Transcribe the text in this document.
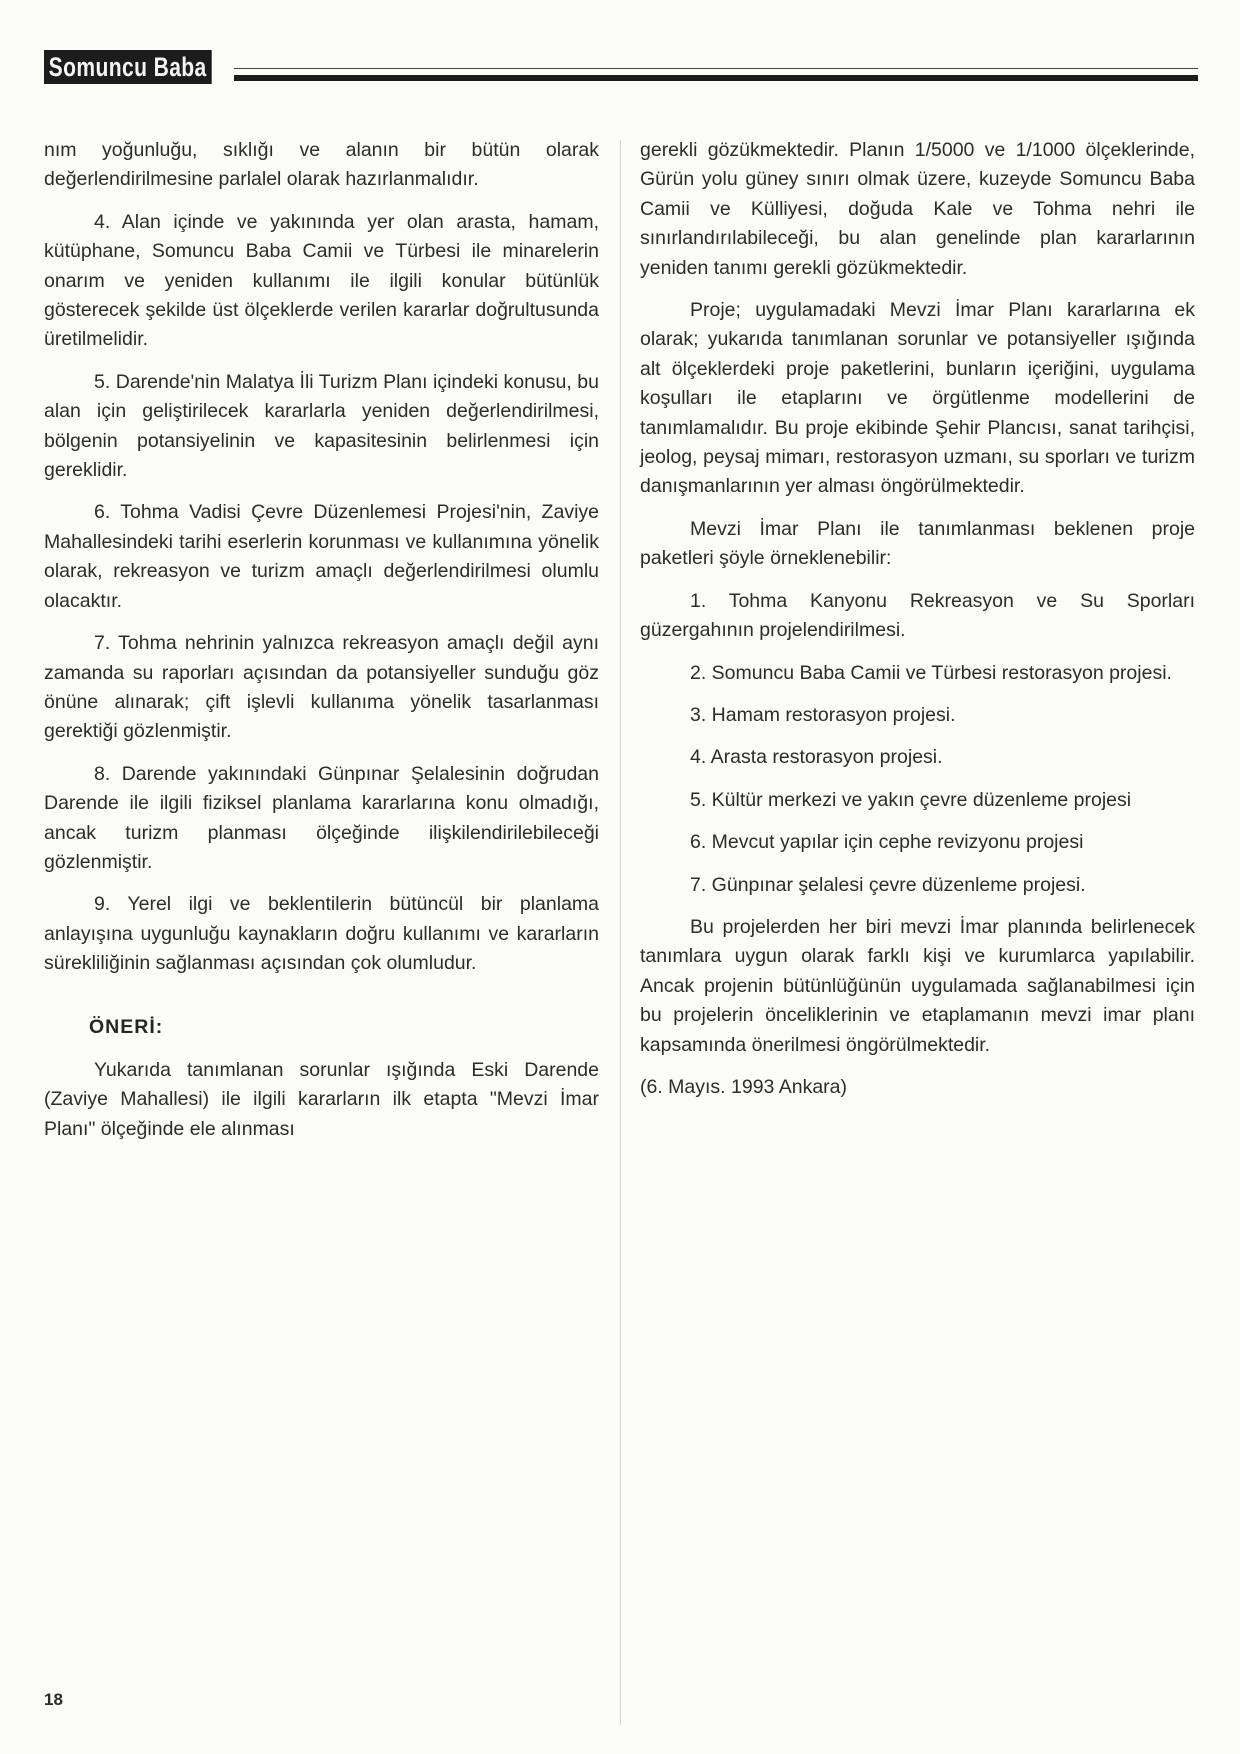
Somuncu Baba

nım yoğunluğu, sıklığı ve alanın bir bütün olarak değerlendirilmesine parlalel olarak hazırlanmalıdır.

4. Alan içinde ve yakınında yer olan arasta, hamam, kütüphane, Somuncu Baba Camii ve Türbesi ile minarelerin onarım ve yeniden kullanımı ile ilgili konular bütünlük gösterecek şekilde üst ölçeklerde verilen kararlar doğrultusunda üretilmelidir.

5. Darende'nin Malatya İli Turizm Planı içindeki konusu, bu alan için geliştirilecek kararlarla yeniden değerlendirilmesi, bölgenin potansiyelinin ve kapasitesinin belirlenmesi için gereklidir.

6. Tohma Vadisi Çevre Düzenlemesi Projesi'nin, Zaviye Mahallesindeki tarihi eserlerin korunması ve kullanımına yönelik olarak, rekreasyon ve turizm amaçlı değerlendirilmesi olumlu olacaktır.

7. Tohma nehrinin yalnızca rekreasyon amaçlı değil aynı zamanda su raporları açısından da potansiyeller sunduğu göz önüne alınarak; çift işlevli kullanıma yönelik tasarlanması gerektiği gözlenmiştir.

8. Darende yakınındaki Günpınar Şelalesinin doğrudan Darende ile ilgili fiziksel planlama kararlarına konu olmadığı, ancak turizm planması ölçeğinde ilişkilendirilebileceği gözlenmiştir.

9. Yerel ilgi ve beklentilerin bütüncül bir planlama anlayışına uygunluğu kaynakların doğru kullanımı ve kararların sürekliliğinin sağlanması açısından çok olumludur.

ÖNERİ:

Yukarıda tanımlanan sorunlar ışığında Eski Darende (Zaviye Mahallesi) ile ilgili kararların ilk etapta "Mevzi İmar Planı" ölçeğinde ele alınması

gerekli gözükmektedir. Planın 1/5000 ve 1/1000 ölçeklerinde, Gürün yolu güney sınırı olmak üzere, kuzeyde Somuncu Baba Camii ve Külliyesi, doğuda Kale ve Tohma nehri ile sınırlandırılabileceği, bu alan genelinde plan kararlarının yeniden tanımı gerekli gözükmektedir.

Proje; uygulamadaki Mevzi İmar Planı kararlarına ek olarak; yukarıda tanımlanan sorunlar ve potansiyeller ışığında alt ölçeklerdeki proje paketlerini, bunların içeriğini, uygulama koşulları ile etaplarını ve örgütlenme modellerini de tanımlamalıdır. Bu proje ekibinde Şehir Plancısı, sanat tarihçisi, jeolog, peysaj mimarı, restorasyon uzmanı, su sporları ve turizm danışmanlarının yer alması öngörülmektedir.

Mevzi İmar Planı ile tanımlanması beklenen proje paketleri şöyle örneklenebilir:

1. Tohma Kanyonu Rekreasyon ve Su Sporları güzergahının projelendirilmesi.

2. Somuncu Baba Camii ve Türbesi restorasyon projesi.

3. Hamam restorasyon projesi.

4. Arasta restorasyon projesi.

5. Kültür merkezi ve yakın çevre düzenleme projesi

6. Mevcut yapılar için cephe revizyonu projesi

7. Günpınar şelalesi çevre düzenleme projesi.

Bu projelerden her biri mevzi İmar planında belirlenecek tanımlara uygun olarak farklı kişi ve kurumlarca yapılabilir. Ancak projenin bütünlüğünün uygulamada sağlanabilmesi için bu projelerin önceliklerinin ve etaplamanın mevzi imar planı kapsamında önerilmesi öngörülmektedir.

(6. Mayıs. 1993 Ankara)

18
